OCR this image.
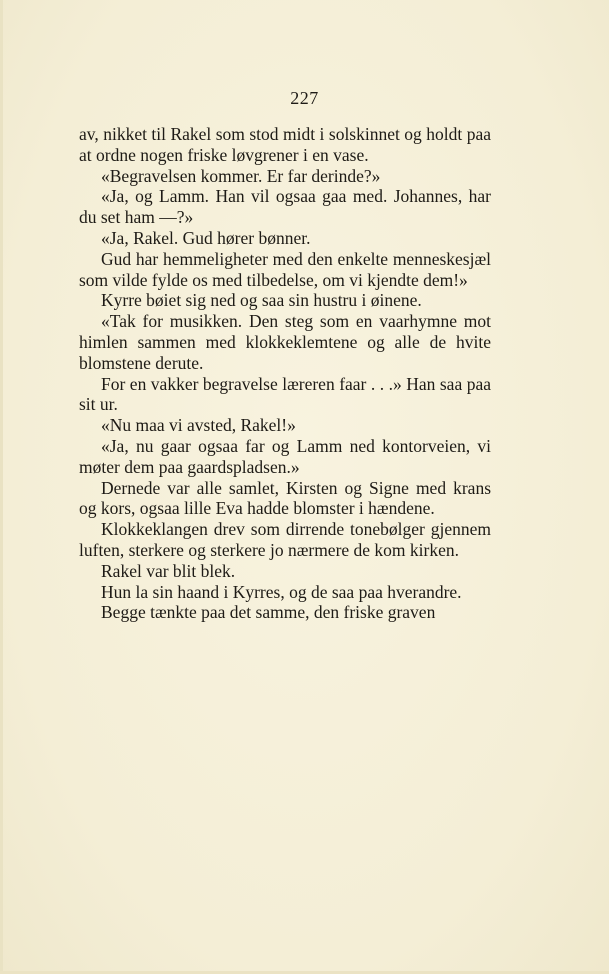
227

av, nikket til Rakel som stod midt i solskinnet og holdt paa at ordne nogen friske løvgrener i en vase.

«Begravelsen kommer. Er far derinde?»

«Ja, og Lamm. Han vil ogsaa gaa med. Johannes, har du set ham —?»

«Ja, Rakel. Gud hører bønner.

Gud har hemmeligheter med den enkelte menneskesjæl som vilde fylde os med tilbedelse, om vi kjendte dem!»

Kyrre bøiet sig ned og saa sin hustru i øinene.

«Tak for musikken. Den steg som en vaarhymne mot himlen sammen med klokkeklemtene og alle de hvite blomstene derute.

For en vakker begravelse læreren faar . . .» Han saa paa sit ur.

«Nu maa vi avsted, Rakel!»

«Ja, nu gaar ogsaa far og Lamm ned kontorveien, vi møter dem paa gaardspladsen.»

Dernede var alle samlet, Kirsten og Signe med krans og kors, ogsaa lille Eva hadde blomster i hændene.

Klokkeklangen drev som dirrende tonebølger gjennem luften, sterkere og sterkere jo nærmere de kom kirken.

Rakel var blit blek.

Hun la sin haand i Kyrres, og de saa paa hverandre.

Begge tænkte paa det samme, den friske graven
